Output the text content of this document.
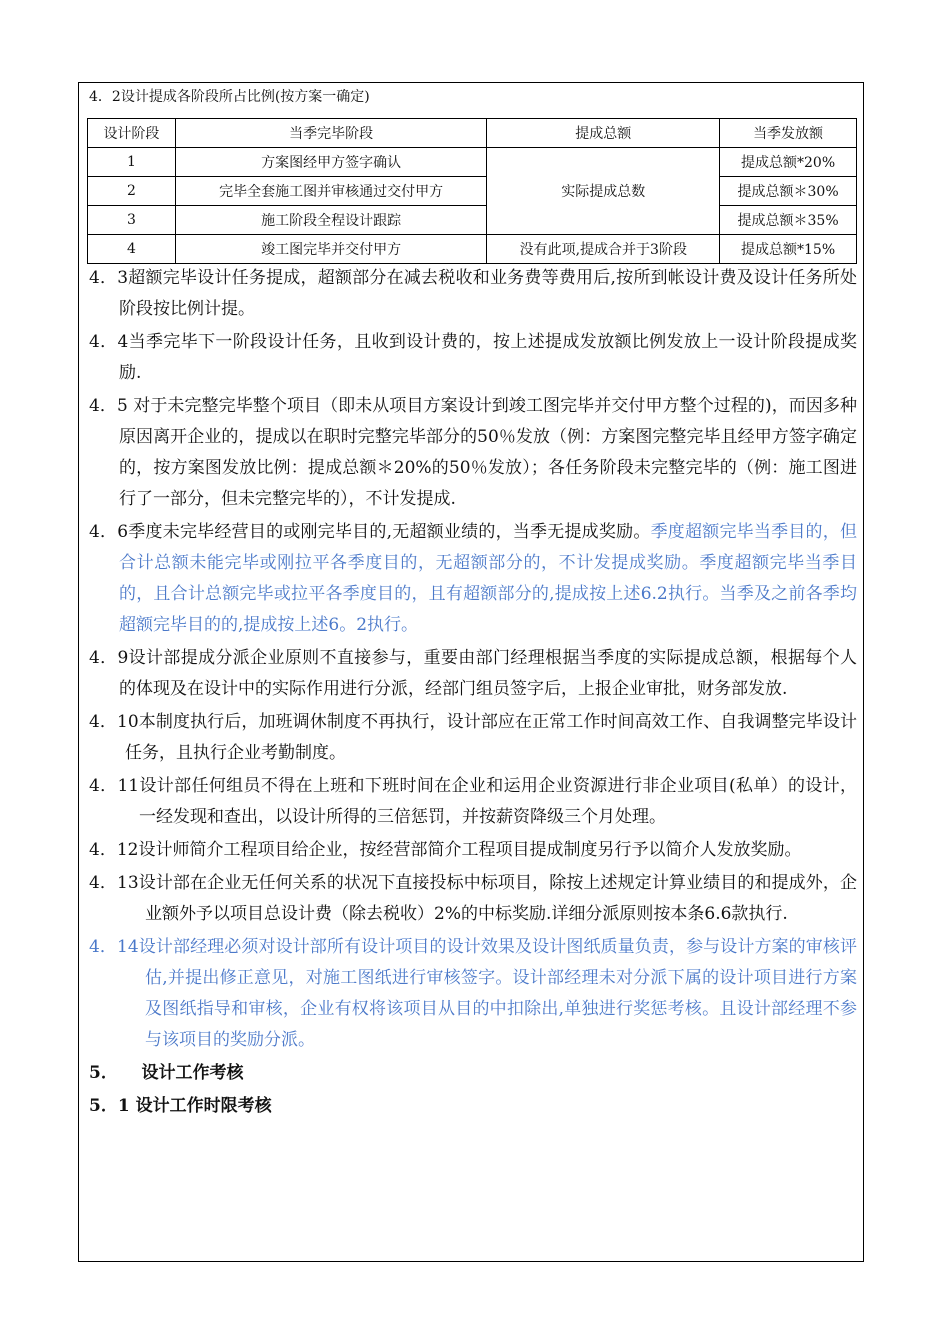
4．2设计提成各阶段所占比例(按方案一确定)
设计阶段	当季完毕阶段	提成总额	当季发放额
1	方案图经甲方签字确认	实际提成总数	提成总额*20%
2	完毕全套施工图并审核通过交付甲方		提成总额＊30%
3	施工阶段全程设计跟踪		提成总额＊35%
4	竣工图完毕并交付甲方	没有此项,提成合并于3阶段	提成总额*15%

4．3超额完毕设计任务提成，超额部分在减去税收和业务费等费用后,按所到帐设计费及设计任务所处阶段按比例计提。

4．4当季完毕下一阶段设计任务，且收到设计费的，按上述提成发放额比例发放上一设计阶段提成奖励.

4．5 对于未完整完毕整个项目（即未从项目方案设计到竣工图完毕并交付甲方整个过程的)，而因多种原因离开企业的，提成以在职时完整完毕部分的50％发放（例：方案图完整完毕且经甲方签字确定的，按方案图发放比例：提成总额＊20%的50％发放）；各任务阶段未完整完毕的（例：施工图进行了一部分，但未完整完毕的），不计发提成.

4．6季度未完毕经营目的或刚完毕目的,无超额业绩的，当季无提成奖励。季度超额完毕当季目的，但合计总额未能完毕或刚拉平各季度目的，无超额部分的，不计发提成奖励。季度超额完毕当季目的，且合计总额完毕或拉平各季度目的，且有超额部分的,提成按上述6.2执行。当季及之前各季均超额完毕目的的,提成按上述6。2执行。

4．9设计部提成分派企业原则不直接参与，重要由部门经理根据当季度的实际提成总额，根据每个人的体现及在设计中的实际作用进行分派，经部门组员签字后，上报企业审批，财务部发放.

4．10本制度执行后，加班调休制度不再执行，设计部应在正常工作时间高效工作、自我调整完毕设计任务，且执行企业考勤制度。

4．11设计部任何组员不得在上班和下班时间在企业和运用企业资源进行非企业项目(私单）的设计，一经发现和查出，以设计所得的三倍惩罚，并按薪资降级三个月处理。

4．12设计师简介工程项目给企业，按经营部简介工程项目提成制度另行予以简介人发放奖励。

4．13设计部在企业无任何关系的状况下直接投标中标项目，除按上述规定计算业绩目的和提成外，企业额外予以项目总设计费（除去税收）2%的中标奖励.详细分派原则按本条6.6款执行.

4．14设计部经理必须对设计部所有设计项目的设计效果及设计图纸质量负责，参与设计方案的审核评估,并提出修正意见，对施工图纸进行审核签字。设计部经理未对分派下属的设计项目进行方案及图纸指导和审核，企业有权将该项目从目的中扣除出,单独进行奖惩考核。且设计部经理不参与该项目的奖励分派。

5．    设计工作考核

5．1 设计工作时限考核
